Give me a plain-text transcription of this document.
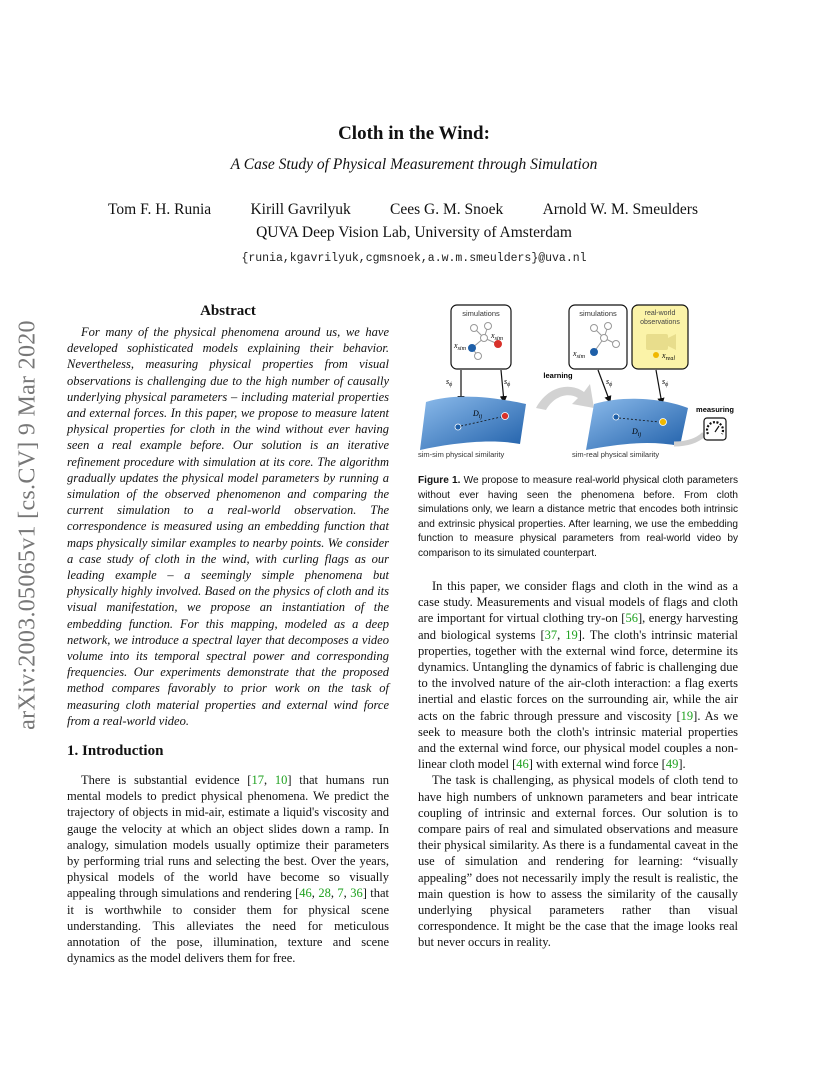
Cloth in the Wind:
A Case Study of Physical Measurement through Simulation
Tom F. H. Runia	Kirill Gavrilyuk	Cees G. M. Snoek	Arnold W. M. Smeulders
QUVA Deep Vision Lab, University of Amsterdam
{runia,kgavrilyuk,cgmsnoek,a.w.m.smeulders}@uva.nl
arXiv:2003.05065v1 [cs.CV] 9 Mar 2020
Abstract
For many of the physical phenomena around us, we have developed sophisticated models explaining their behavior. Nevertheless, measuring physical properties from visual observations is challenging due to the high number of causally underlying physical parameters – including material properties and external forces. In this paper, we propose to measure latent physical properties for cloth in the wind without ever having seen a real example before. Our solution is an iterative refinement procedure with simulation at its core. The algorithm gradually updates the physical model parameters by running a simulation of the observed phenomenon and comparing the current simulation to a real-world observation. The correspondence is measured using an embedding function that maps physically similar examples to nearby points. We consider a case study of cloth in the wind, with curling flags as our leading example – a seemingly simple phenomena but physically highly involved. Based on the physics of cloth and its visual manifestation, we propose an instantiation of the embedding function. For this mapping, modeled as a deep network, we introduce a spectral layer that decomposes a video volume into its temporal spectral power and corresponding frequencies. Our experiments demonstrate that the proposed method compares favorably to prior work on the task of measuring cloth material properties and external wind force from a real-world video.
1. Introduction
There is substantial evidence [17, 10] that humans run mental models to predict physical phenomena. We predict the trajectory of objects in mid-air, estimate a liquid's viscosity and gauge the velocity at which an object slides down a ramp. In analogy, simulation models usually optimize their parameters by performing trial runs and selecting the best. Over the years, physical models of the world have become so visually appealing through simulations and rendering [46, 28, 7, 36] that it is worthwhile to consider them for physical scene understanding. This alleviates the need for meticulous annotation of the pose, illumination, texture and scene dynamics as the model delivers them for free.
simulations
$x_{sim}$
$x_{sim}$
$s_\phi$	$s_\phi$
$D_{ij}$
sim-sim physical similarity
learning
simulations
$x_{sim}$
real-world observations
$x_{real}$
$s_\phi$	$s_\phi$
$D_{ij}$
sim-real physical similarity
measuring
Figure 1. We propose to measure real-world physical cloth parameters without ever having seen the phenomena before. From cloth simulations only, we learn a distance metric that encodes both intrinsic and extrinsic physical properties. After learning, we use the embedding function to measure physical parameters from real-world video by comparison to its simulated counterpart.

In this paper, we consider flags and cloth in the wind as a case study. Measurements and visual models of flags and cloth are important for virtual clothing try-on [56], energy harvesting and biological systems [37, 19]. The cloth's intrinsic material properties, together with the external wind force, determine its dynamics. Untangling the dynamics of fabric is challenging due to the involved nature of the air-cloth interaction: a flag exerts inertial and elastic forces on the surrounding air, while the air acts on the fabric through pressure and viscosity [19]. As we seek to measure both the cloth's intrinsic material properties and the external wind force, our physical model couples a non-linear cloth model [46] with external wind force [49].

The task is challenging, as physical models of cloth tend to have high numbers of unknown parameters and bear intricate coupling of intrinsic and external forces. Our solution is to compare pairs of real and simulated observations and measure their physical similarity. As there is a fundamental caveat in the use of simulation and rendering for learning: “visually appealing” does not necessarily imply the result is realistic, the main question is how to assess the similarity of the causally underlying physical parameters rather than visual correspondence. It might be the case that the image looks real but never occurs in reality.
